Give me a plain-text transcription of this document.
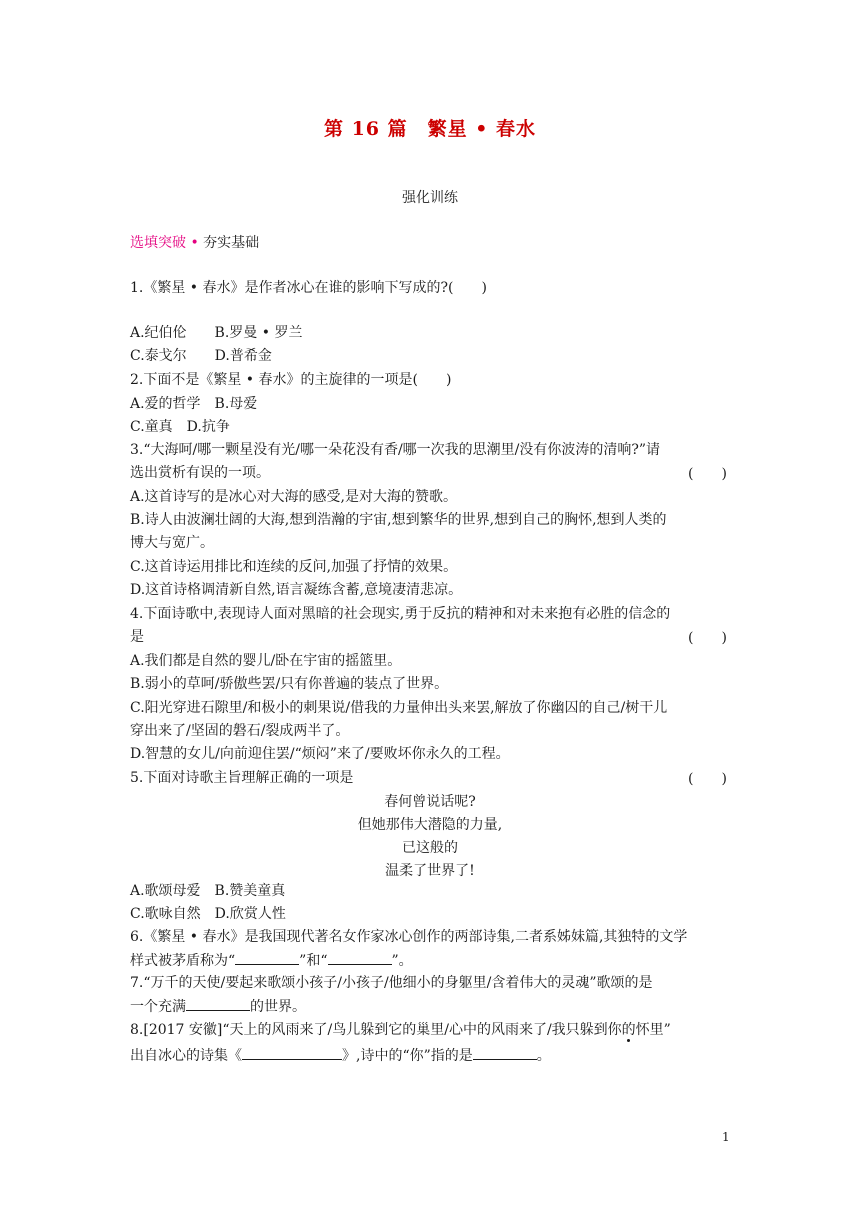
第 16 篇　繁星 • 春水
强化训练
选填突破 • 夯实基础
1.《繁星 • 春水》是作者冰心在谁的影响下写成的?(　　)
A.纪伯伦　　B.罗曼 • 罗兰
C.泰戈尔　　D.普希金
2.下面不是《繁星 • 春水》的主旋律的一项是(　　)
A.爱的哲学　B.母爱
C.童真　D.抗争
3.“大海呵/哪一颗星没有光/哪一朵花没有香/哪一次我的思潮里/没有你波涛的清响?”请
选出赏析有误的一项。	(　　)
A.这首诗写的是冰心对大海的感受,是对大海的赞歌。
B.诗人由波澜壮阔的大海,想到浩瀚的宇宙,想到繁华的世界,想到自己的胸怀,想到人类的
博大与宽广。
C.这首诗运用排比和连续的反问,加强了抒情的效果。
D.这首诗格调清新自然,语言凝练含蓄,意境凄清悲凉。
4.下面诗歌中,表现诗人面对黑暗的社会现实,勇于反抗的精神和对未来抱有必胜的信念的
是	(　　)
A.我们都是自然的婴儿/卧在宇宙的摇篮里。
B.弱小的草呵/骄傲些罢/只有你普遍的装点了世界。
C.阳光穿进石隙里/和极小的刺果说/借我的力量伸出头来罢,解放了你幽囚的自己/树干儿
穿出来了/坚固的磐石/裂成两半了。
D.智慧的女儿/向前迎住罢/“烦闷”来了/要败坏你永久的工程。
5.下面对诗歌主旨理解正确的一项是	(　　)
春何曾说话呢?
但她那伟大潜隐的力量,
已这般的
温柔了世界了!
A.歌颂母爱　B.赞美童真
C.歌咏自然　D.欣赏人性
6.《繁星 • 春水》是我国现代著名女作家冰心创作的两部诗集,二者系姊妹篇,其独特的文学
样式被茅盾称为“	”和“	”。
7.“万千的天使/要起来歌颂小孩子/小孩子/他细小的身躯里/含着伟大的灵魂”歌颂的是
一个充满	的世界。
8.[2017 安徽]“天上的风雨来了/鸟儿躲到它的巢里/心中的风雨来了/我只躲到你的怀里”
出自冰心的诗集《	》,诗中的“你”指的是	。
1
